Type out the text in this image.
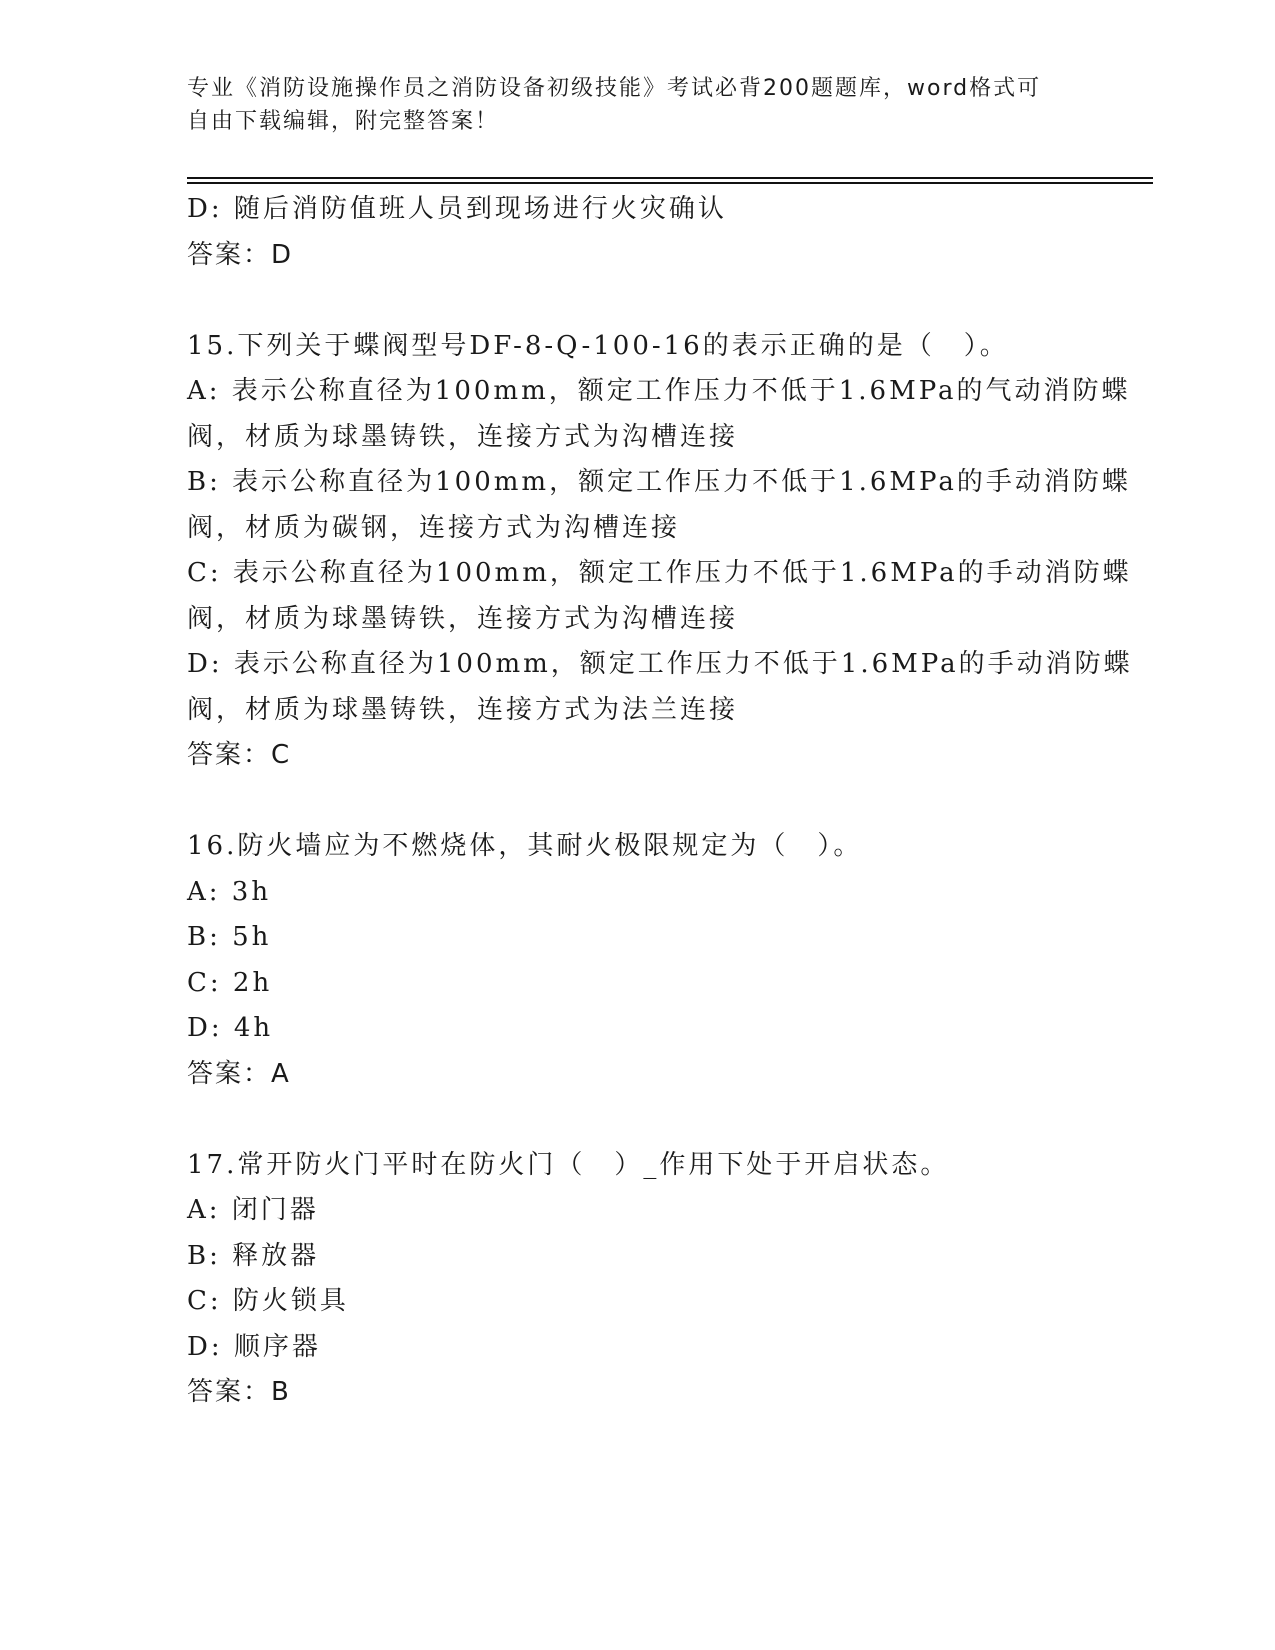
专业《消防设施操作员之消防设备初级技能》考试必背200题题库，word格式可
自由下载编辑，附完整答案！
D: 随后消防值班人员到现场进行火灾确认
答案：D
15.下列关于蝶阀型号DF-8-Q-100-16的表示正确的是（　）。
A: 表示公称直径为100mm，额定工作压力不低于1.6MPa的气动消防蝶
阀，材质为球墨铸铁，连接方式为沟槽连接
B: 表示公称直径为100mm，额定工作压力不低于1.6MPa的手动消防蝶
阀，材质为碳钢，连接方式为沟槽连接
C: 表示公称直径为100mm，额定工作压力不低于1.6MPa的手动消防蝶
阀，材质为球墨铸铁，连接方式为沟槽连接
D: 表示公称直径为100mm，额定工作压力不低于1.6MPa的手动消防蝶
阀，材质为球墨铸铁，连接方式为法兰连接
答案：C
16.防火墙应为不燃烧体，其耐火极限规定为（　）。
A: 3h
B: 5h
C: 2h
D: 4h
答案：A
17.常开防火门平时在防火门（　）_作用下处于开启状态。
A: 闭门器
B: 释放器
C: 防火锁具
D: 顺序器
答案：B
